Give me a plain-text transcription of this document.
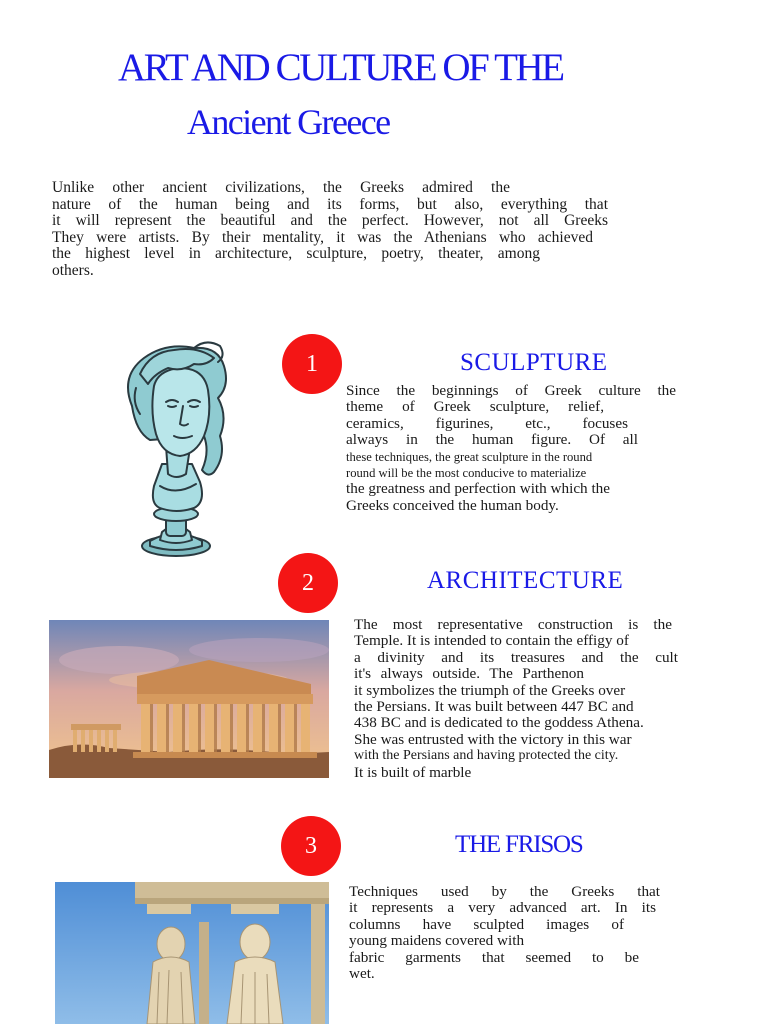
ART AND CULTURE OF THE
Ancient Greece

Unlike other ancient civilizations, the Greeks admired the
nature of the human being and its forms, but also, everything that
it will represent the beautiful and the perfect. However, not all Greeks
They were artists. By their mentality, it was the Athenians who achieved
the highest level in architecture, sculpture, poetry, theater, among
others.

1	SCULPTURE

Since the beginnings of Greek culture the
theme of Greek sculpture, relief,
ceramics, figurines, etc., focuses
always in the human figure. Of all
these techniques, the great sculpture in the round
round will be the most conducive to materialize
the greatness and perfection with which the
Greeks conceived the human body.

2	ARCHITECTURE

The most representative construction is the
Temple. It is intended to contain the effigy of
a divinity and its treasures and the cult
it's always outside. The Parthenon
it symbolizes the triumph of the Greeks over
the Persians. It was built between 447 BC and
438 BC and is dedicated to the goddess Athena.
She was entrusted with the victory in this war
with the Persians and having protected the city.
It is built of marble

3	THE FRISOS

Techniques used by the Greeks that
it represents a very advanced art. In its
columns have sculpted images of
young maidens covered with
fabric garments that seemed to be
wet.
